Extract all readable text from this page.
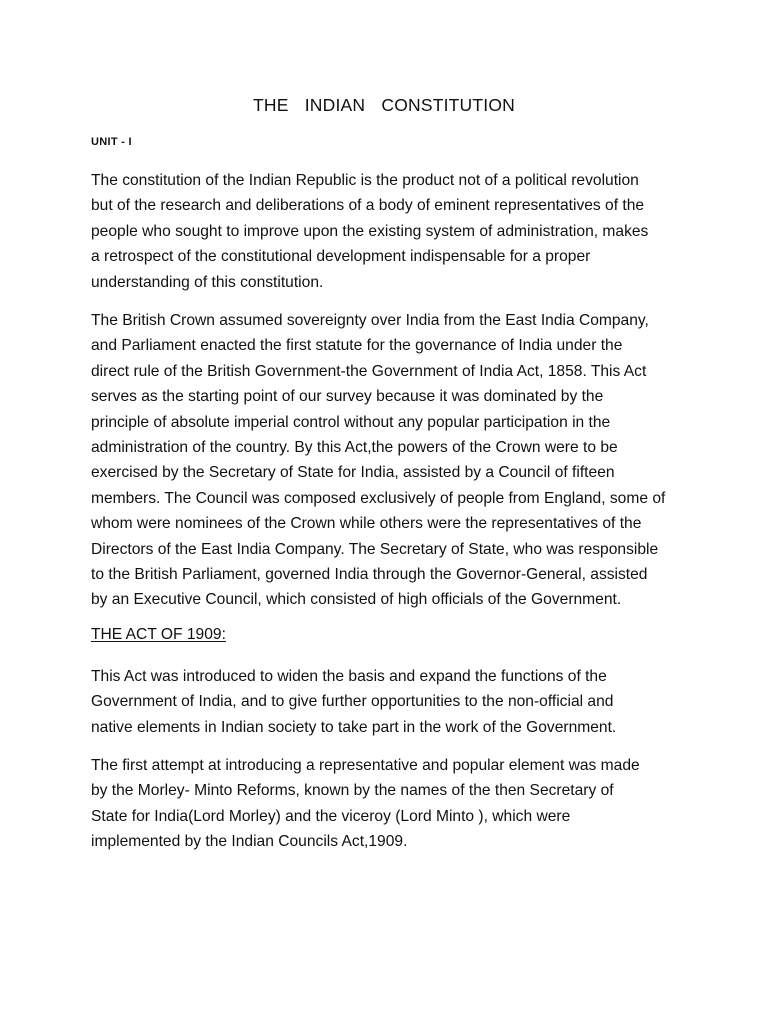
THE  INDIAN  CONSTITUTION
UNIT - I
The constitution of the Indian Republic is the product not of a political revolution
but of the research and deliberations of a body of eminent representatives of the
people who sought to improve upon the existing system of administration, makes
a retrospect of the constitutional development indispensable for a proper
understanding of this constitution.
The British Crown assumed sovereignty over India from the East India Company,
and Parliament enacted the first statute for the governance of India under the
direct rule of the British Government-the Government of India Act, 1858. This Act
serves as the starting point of our survey because it was dominated by the
principle of absolute imperial control without any popular participation in the
administration of the country. By this Act,the powers of the Crown were to be
exercised by the Secretary of State for India, assisted by a Council of fifteen
members. The Council was composed exclusively of people from England, some of
whom were nominees of the Crown while others were the representatives of the
Directors of the East India Company. The Secretary of State, who was responsible
to the British Parliament, governed India through the Governor-General, assisted
by an Executive Council, which consisted of high officials of the Government.
THE ACT OF 1909:
This Act was introduced to widen the basis and expand the functions of the
Government of India, and to give further opportunities to the non-official and
native elements in Indian society to take part in the work of the Government.
The first attempt at introducing a representative and popular element was made
by the Morley- Minto Reforms, known by the names of the then Secretary of
State for India(Lord Morley) and the viceroy (Lord Minto ), which were
implemented by the Indian Councils Act,1909.
